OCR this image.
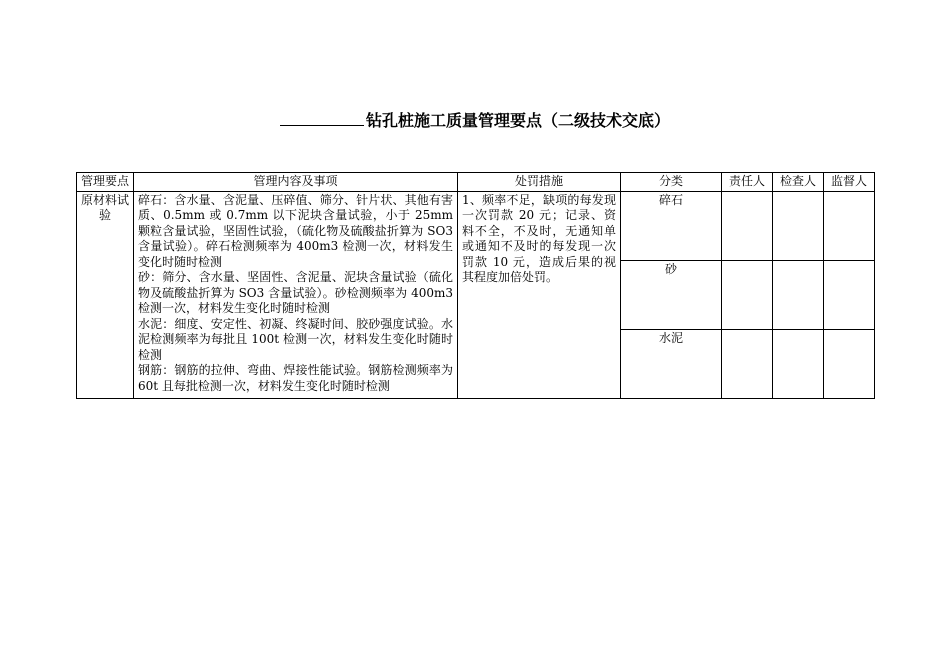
钻孔桩施工质量管理要点（二级技术交底）
管理要点	管理内容及事项	处罚措施	分类	责任人	检查人	监督人
原材料试验	碎石：含水量、含泥量、压碎值、筛分、针片状、其他有害质、0.5mm 或 0.7mm 以下泥块含量试验，小于 25mm 颗粒含量试验，坚固性试验，（硫化物及硫酸盐折算为 SO3 含量试验）。碎石检测频率为 400m3 检测一次，材料发生变化时随时检测
砂：筛分、含水量、坚固性、含泥量、泥块含量试验（硫化物及硫酸盐折算为 SO3 含量试验）。砂检测频率为 400m3 检测一次，材料发生变化时随时检测
水泥：细度、安定性、初凝、终凝时间、胶砂强度试验。水泥检测频率为每批且 100t 检测一次，材料发生变化时随时检测
钢筋：钢筋的拉伸、弯曲、焊接性能试验。钢筋检测频率为 60t 且每批检测一次，材料发生变化时随时检测	1、频率不足，缺项的每发现一次罚款 20 元；记录、资料不全，不及时，无通知单或通知不及时的每发现一次罚款 10 元，造成后果的视其程度加倍处罚。	碎石			
			砂			
			水泥			
